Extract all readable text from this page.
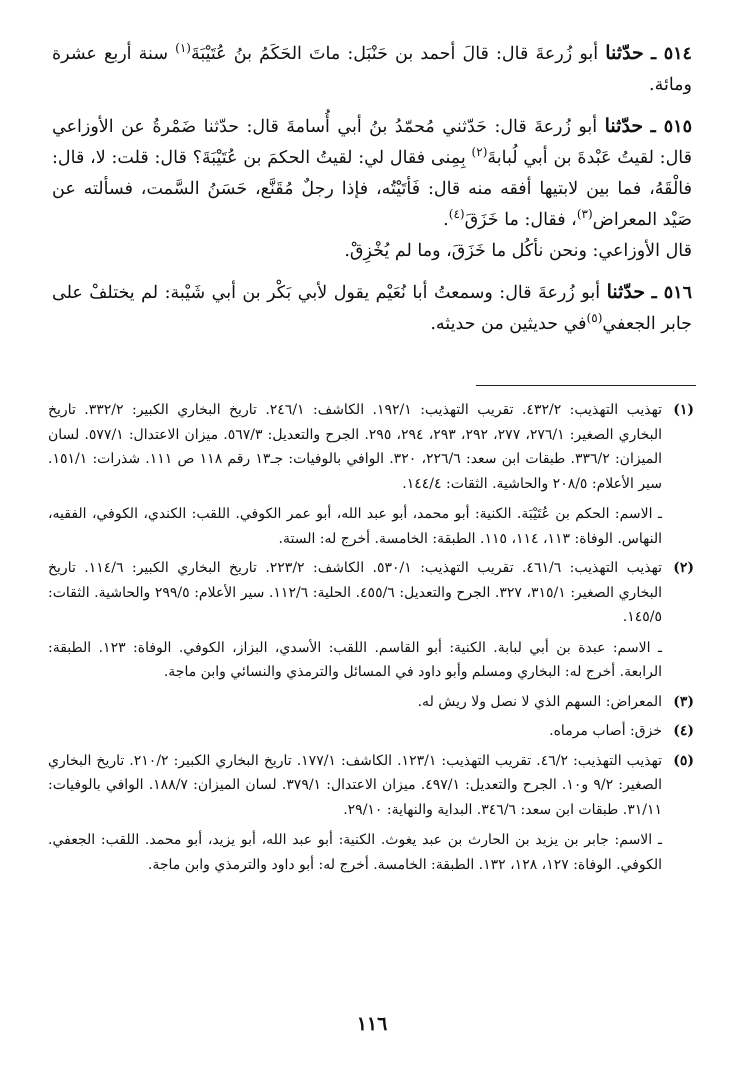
٥١٤ ـ حدّثنا أبو زُرعةَ قال: قالَ أحمد بن حَنْبَل: ماتَ الحَكَمُ بنُ عُتَيْبَةَ$^{(١)}$ سنة أربع عشرة ومائة.

٥١٥ ـ حدّثنا أبو زُرعةَ قال: حَدّثني مُحمّدُ بنُ أبي أُسامةَ قال: حدّثنا ضَمْرةُ عن الأوزاعي قال: لقيتُ عَبْدةَ بن أبي لُبابةَ$^{(٢)}$ بِمِنى فقال لي: لقيتُ الحكمَ بن عُتَيْبَةَ؟ قال: قلت: لا، قال: فالْقَهُ، فما بين لابتيها أفقه منه قال: فَأتَيْتُه، فإذا رجلٌ مُقَنَّع، حَسَنُ السَّمت، فسألته عن صَيْد المعراض$^{(٣)}$، فقال: ما خَزَقَ$^{(٤)}$.

قال الأوزاعي: ونحن نأكُل ما خَزَقَ، وما لم يُخْزِقْ.

٥١٦ ـ حدّثنا أبو زُرعةَ قال: وسمعتُ أبا نُعَيْم يقول لأبي بَكْر بن أبي شَيْبة: لم يختلفْ على جابر الجعفي$^{(٥)}$في حديثين من حديثه.

(١)
تهذيب التهذيب: ٤٣٢/٢. تقريب التهذيب: ١٩٢/١. الكاشف: ٢٤٦/١. تاريخ البخاري الكبير: ٣٣٢/٢. تاريخ البخاري الصغير: ٢٧٦/١، ٢٧٧، ٢٩٢، ٢٩٣، ٢٩٤، ٢٩٥. الجرح والتعديل: ٥٦٧/٣. ميزان الاعتدال: ٥٧٧/١. لسان الميزان: ٣٣٦/٢. طبقات ابن سعد: ٢٢٦/٦، ٣٢٠. الوافي بالوفيات: جـ١٣ رقم ١١٨ ص ١١١. شذرات: ١٥١/١. سير الأعلام: ٢٠٨/٥ والحاشية. الثقات: ١٤٤/٤.
ـ الاسم: الحكم بن عُتَيْبَة. الكنية: أبو محمد، أبو عبد الله، أبو عمر الكوفي. اللقب: الكندي، الكوفي، الفقيه، النهاس. الوفاة: ١١٣، ١١٤، ١١٥. الطبقة: الخامسة. أخرج له: الستة.
(٢)
تهذيب التهذيب: ٤٦١/٦. تقريب التهذيب: ٥٣٠/١. الكاشف: ٢٢٣/٢. تاريخ البخاري الكبير: ١١٤/٦. تاريخ البخاري الصغير: ٣١٥/١، ٣٢٧. الجرح والتعديل: ٤٥٥/٦. الحلية: ١١٢/٦. سير الأعلام: ٢٩٩/٥ والحاشية. الثقات: ١٤٥/٥.
ـ الاسم: عبدة بن أبي لبابة. الكنية: أبو القاسم. اللقب: الأسدي، البزاز، الكوفي. الوفاة: ١٢٣. الطبقة: الرابعة. أخرج له: البخاري ومسلم وأبو داود في المسائل والترمذي والنسائي وابن ماجة.
(٣)
المعراض: السهم الذي لا نصل ولا ريش له.
(٤)
خزق: أصاب مرماه.
(٥)
تهذيب التهذيب: ٤٦/٢. تقريب التهذيب: ١٢٣/١. الكاشف: ١٧٧/١. تاريخ البخاري الكبير: ٢١٠/٢. تاريخ البخاري الصغير: ٩/٢ و١٠. الجرح والتعديل: ٤٩٧/١. ميزان الاعتدال: ٣٧٩/١. لسان الميزان: ١٨٨/٧. الوافي بالوفيات: ٣١/١١. طبقات ابن سعد: ٣٤٦/٦. البداية والنهاية: ٢٩/١٠.
ـ الاسم: جابر بن يزيد بن الحارث بن عبد يغوث. الكنية: أبو عبد الله، أبو يزيد، أبو محمد. اللقب: الجعفي. الكوفي. الوفاة: ١٢٧، ١٢٨، ١٣٢. الطبقة: الخامسة. أخرج له: أبو داود والترمذي وابن ماجة.
١١٦
